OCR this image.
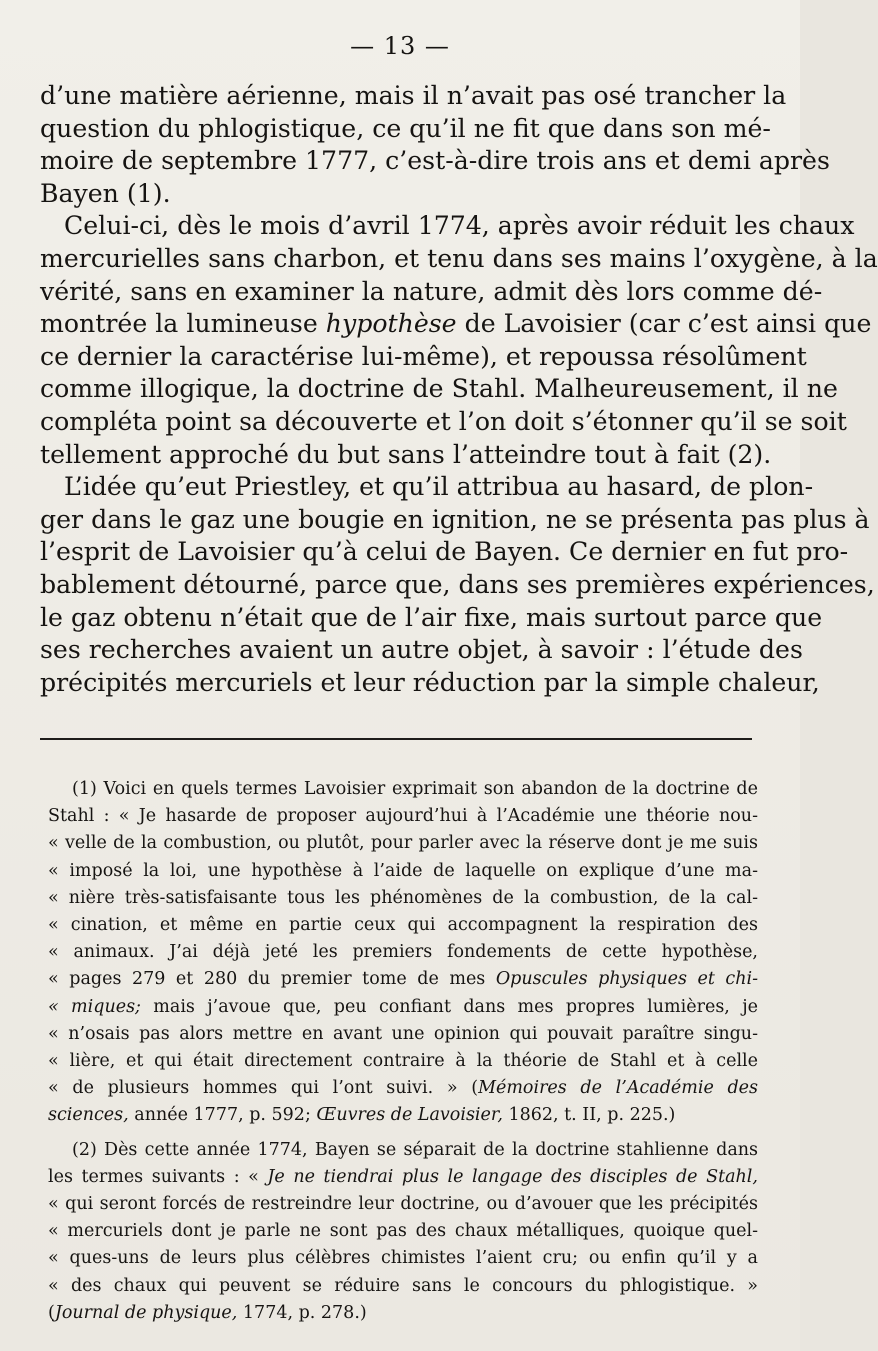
— 13 —
d’une matière aérienne, mais il n’avait pas osé trancher la
question du phlogistique, ce qu’il ne fit que dans son mé-
moire de septembre 1777, c’est-à-dire trois ans et demi après
Bayen (1).
Celui-ci, dès le mois d’avril 1774, après avoir réduit les chaux
mercurielles sans charbon, et tenu dans ses mains l’oxygène, à la
vérité, sans en examiner la nature, admit dès lors comme dé-
montrée la lumineuse hypothèse de Lavoisier (car c’est ainsi que
ce dernier la caractérise lui-même), et repoussa résolûment
comme illogique, la doctrine de Stahl. Malheureusement, il ne
compléta point sa découverte et l’on doit s’étonner qu’il se soit
tellement approché du but sans l’atteindre tout à fait (2).
L’idée qu’eut Priestley, et qu’il attribua au hasard, de plon-
ger dans le gaz une bougie en ignition, ne se présenta pas plus à
l’esprit de Lavoisier qu’à celui de Bayen. Ce dernier en fut pro-
bablement détourné, parce que, dans ses premières expériences,
le gaz obtenu n’était que de l’air fixe, mais surtout parce que
ses recherches avaient un autre objet, à savoir : l’étude des
précipités mercuriels et leur réduction par la simple chaleur,
(1) Voici en quels termes Lavoisier exprimait son abandon de la doctrine de
Stahl : « Je hasarde de proposer aujourd’hui à l’Académie une théorie nou-
« velle de la combustion, ou plutôt, pour parler avec la réserve dont je me suis
« imposé la loi, une hypothèse à l’aide de laquelle on explique d’une ma-
« nière très-satisfaisante tous les phénomènes de la combustion, de la cal-
« cination, et même en partie ceux qui accompagnent la respiration des
« animaux. J’ai déjà jeté les premiers fondements de cette hypothèse,
« pages 279 et 280 du premier tome de mes Opuscules physiques et chi-
« miques; mais j’avoue que, peu confiant dans mes propres lumières, je
« n’osais pas alors mettre en avant une opinion qui pouvait paraître singu-
« lière, et qui était directement contraire à la théorie de Stahl et à celle
« de plusieurs hommes qui l’ont suivi. » (Mémoires de l’Académie des
sciences, année 1777, p. 592; Œuvres de Lavoisier, 1862, t. II, p. 225.)
(2) Dès cette année 1774, Bayen se séparait de la doctrine stahlienne dans
les termes suivants : « Je ne tiendrai plus le langage des disciples de Stahl,
« qui seront forcés de restreindre leur doctrine, ou d’avouer que les précipités
« mercuriels dont je parle ne sont pas des chaux métalliques, quoique quel-
« ques-uns de leurs plus célèbres chimistes l’aient cru; ou enfin qu’il y a
« des chaux qui peuvent se réduire sans le concours du phlogistique. »
(Journal de physique, 1774, p. 278.)
